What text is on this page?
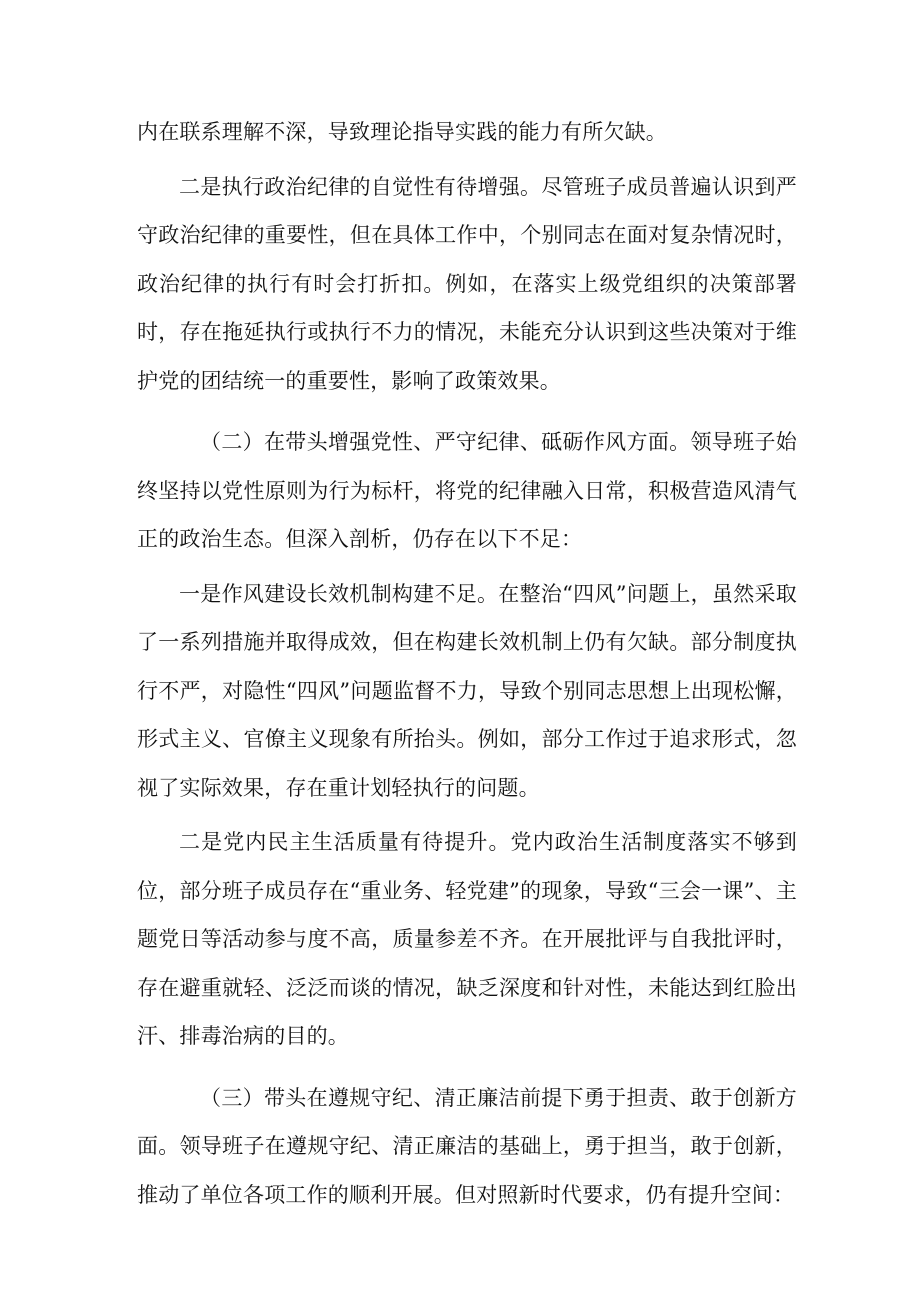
内在联系理解不深，导致理论指导实践的能力有所欠缺。

二是执行政治纪律的自觉性有待增强。尽管班子成员普遍认识到严守政治纪律的重要性，但在具体工作中，个别同志在面对复杂情况时，政治纪律的执行有时会打折扣。例如，在落实上级党组织的决策部署时，存在拖延执行或执行不力的情况，未能充分认识到这些决策对于维护党的团结统一的重要性，影响了政策效果。

（二）在带头增强党性、严守纪律、砥砺作风方面。领导班子始终坚持以党性原则为行为标杆，将党的纪律融入日常，积极营造风清气正的政治生态。但深入剖析，仍存在以下不足：

一是作风建设长效机制构建不足。在整治“四风”问题上，虽然采取了一系列措施并取得成效，但在构建长效机制上仍有欠缺。部分制度执行不严，对隐性“四风”问题监督不力，导致个别同志思想上出现松懈，形式主义、官僚主义现象有所抬头。例如，部分工作过于追求形式，忽视了实际效果，存在重计划轻执行的问题。

二是党内民主生活质量有待提升。党内政治生活制度落实不够到位，部分班子成员存在“重业务、轻党建”的现象，导致“三会一课”、主题党日等活动参与度不高，质量参差不齐。在开展批评与自我批评时，存在避重就轻、泛泛而谈的情况，缺乏深度和针对性，未能达到红脸出汗、排毒治病的目的。

（三）带头在遵规守纪、清正廉洁前提下勇于担责、敢于创新方面。领导班子在遵规守纪、清正廉洁的基础上，勇于担当，敢于创新，推动了单位各项工作的顺利开展。但对照新时代要求，仍有提升空间：
